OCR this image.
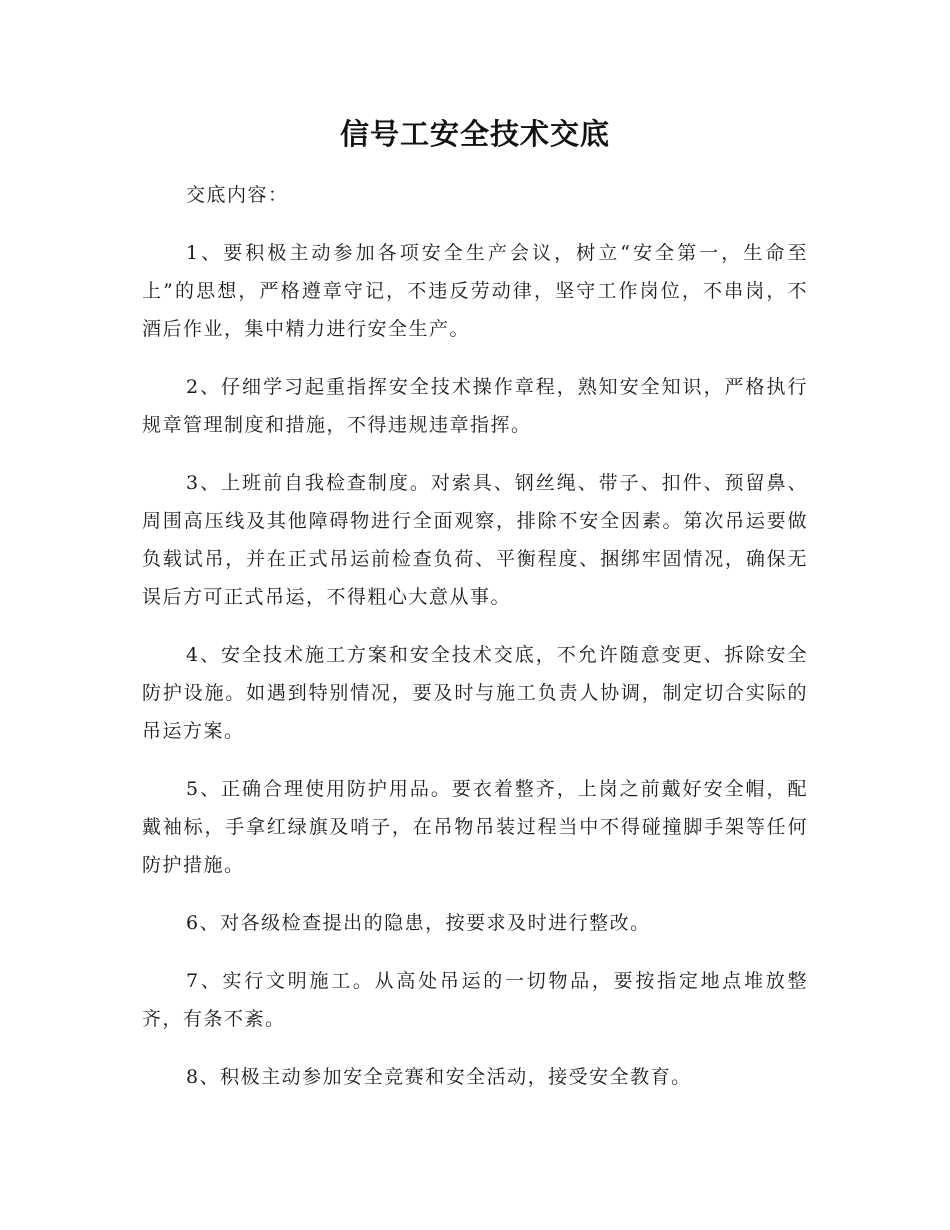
信号工安全技术交底

交底内容：

1、要积极主动参加各项安全生产会议，树立“安全第一，生命至上”的思想，严格遵章守记，不违反劳动律，坚守工作岗位，不串岗，不酒后作业，集中精力进行安全生产。

2、仔细学习起重指挥安全技术操作章程，熟知安全知识，严格执行规章管理制度和措施，不得违规违章指挥。

3、上班前自我检查制度。对索具、钢丝绳、带子、扣件、预留鼻、周围高压线及其他障碍物进行全面观察，排除不安全因素。第次吊运要做负载试吊，并在正式吊运前检查负荷、平衡程度、捆绑牢固情况，确保无误后方可正式吊运，不得粗心大意从事。

4、安全技术施工方案和安全技术交底，不允许随意变更、拆除安全防护设施。如遇到特别情况，要及时与施工负责人协调，制定切合实际的吊运方案。

5、正确合理使用防护用品。要衣着整齐，上岗之前戴好安全帽，配戴袖标，手拿红绿旗及哨子，在吊物吊装过程当中不得碰撞脚手架等任何防护措施。

6、对各级检查提出的隐患，按要求及时进行整改。

7、实行文明施工。从高处吊运的一切物品，要按指定地点堆放整齐，有条不紊。

8、积极主动参加安全竞赛和安全活动，接受安全教育。
